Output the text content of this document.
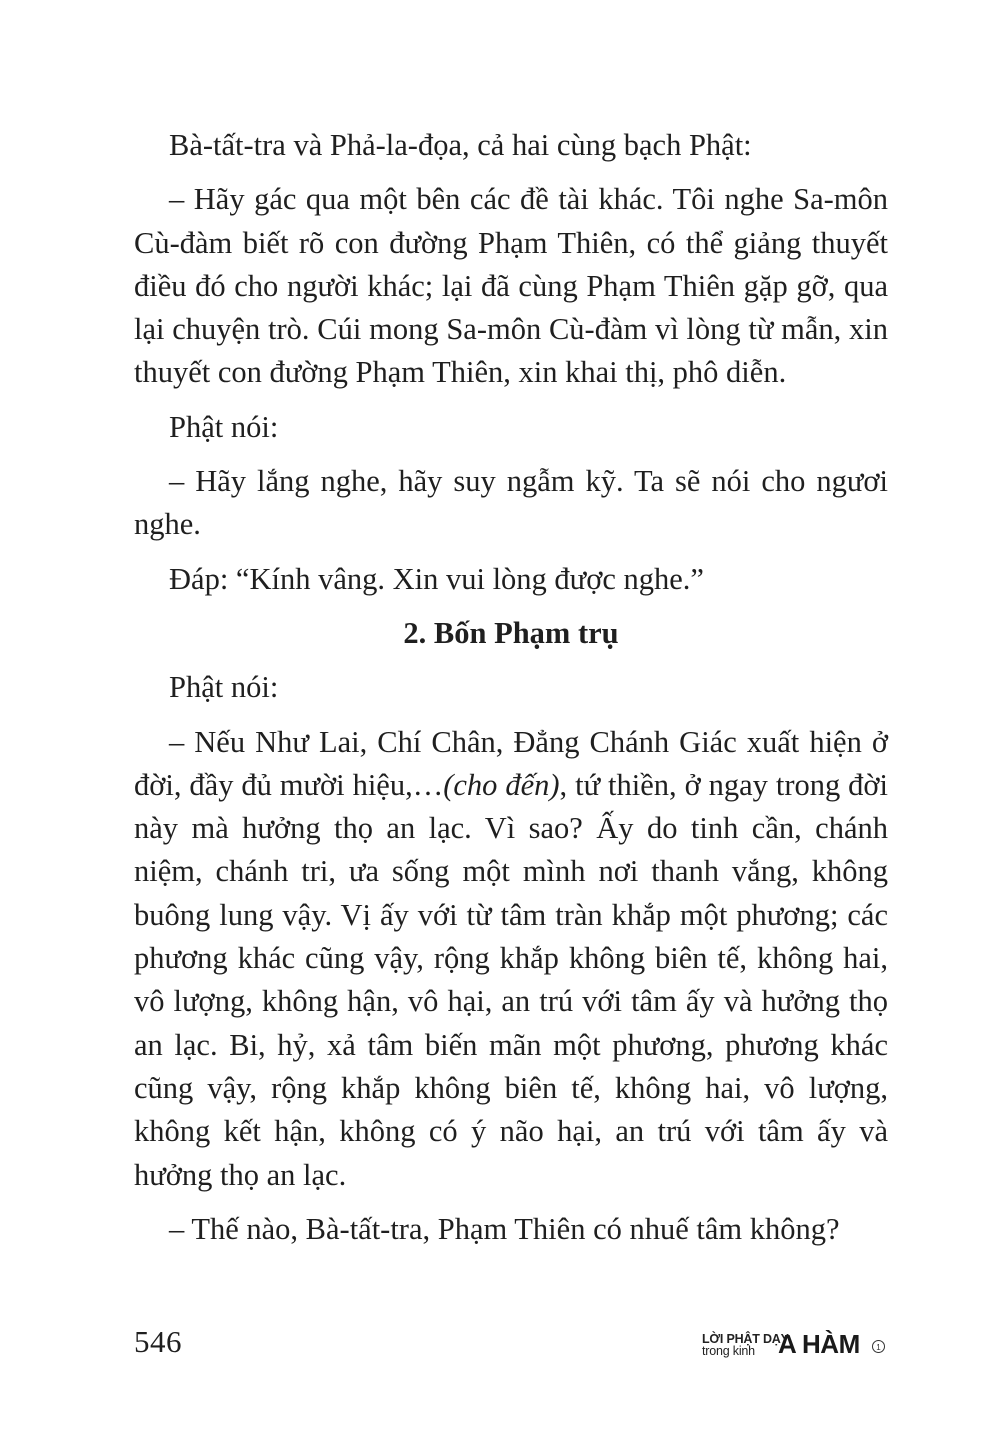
Bà-tất-tra và Phả-la-đọa, cả hai cùng bạch Phật:

– Hãy gác qua một bên các đề tài khác. Tôi nghe Sa-môn Cù-đàm biết rõ con đường Phạm Thiên, có thể giảng thuyết điều đó cho người khác; lại đã cùng Phạm Thiên gặp gỡ, qua lại chuyện trò. Cúi mong Sa-môn Cù-đàm vì lòng từ mẫn, xin thuyết con đường Phạm Thiên, xin khai thị, phô diễn.

Phật nói:

– Hãy lắng nghe, hãy suy ngẫm kỹ. Ta sẽ nói cho ngươi nghe.

Đáp: “Kính vâng. Xin vui lòng được nghe.”

2. Bốn Phạm trụ

Phật nói:

– Nếu Như Lai, Chí Chân, Đẳng Chánh Giác xuất hiện ở đời, đầy đủ mười hiệu,…(cho đến), tứ thiền, ở ngay trong đời này mà hưởng thọ an lạc. Vì sao? Ấy do tinh cần, chánh niệm, chánh tri, ưa sống một mình nơi thanh vắng, không buông lung vậy. Vị ấy với từ tâm tràn khắp một phương; các phương khác cũng vậy, rộng khắp không biên tế, không hai, vô lượng, không hận, vô hại, an trú với tâm ấy và hưởng thọ an lạc. Bi, hỷ, xả tâm biến mãn một phương, phương khác cũng vậy, rộng khắp không biên tế, không hai, vô lượng, không kết hận, không có ý não hại, an trú với tâm ấy và hưởng thọ an lạc.

– Thế nào, Bà-tất-tra, Phạm Thiên có nhuế tâm không?

546	LỜI PHẬT DẠY
trong kinh A HÀM	1
